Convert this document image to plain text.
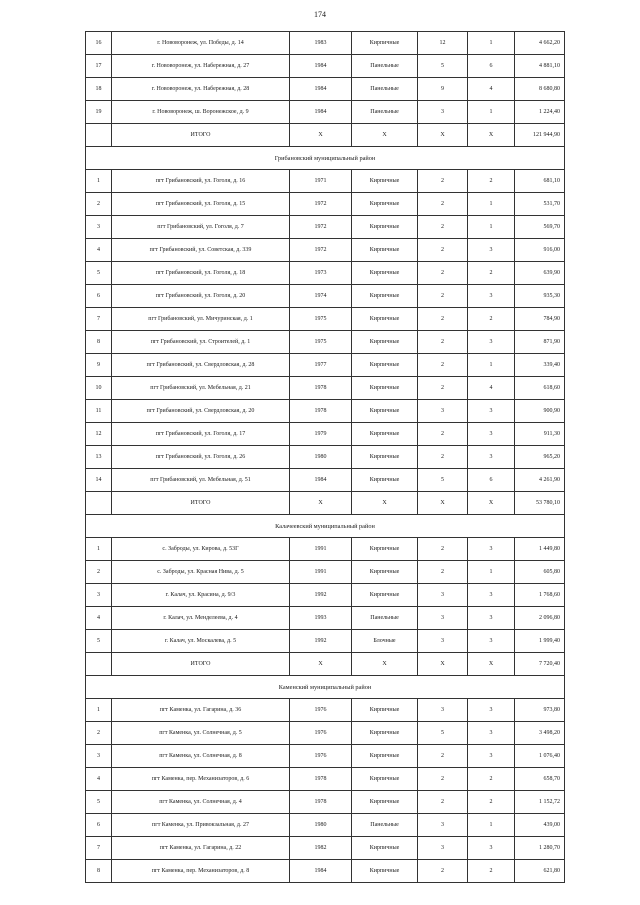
174
16	г. Нововоронеж, ул. Победы, д. 14	1983	Кирпичные	12	1	4 662,20
17	г. Нововоронеж, ул. Набережная, д. 27	1984	Панельные	5	6	4 881,10
18	г. Нововоронеж, ул. Набережная, д. 28	1984	Панельные	9	4	8 680,80
19	г. Нововоронеж, ш. Воронежское, д. 9	1984	Панельные	3	1	1 224,40
	ИТОГО	X	X	X	X	121 944,90
Грибановский муниципальный район						
1	пгт Грибановский, ул. Гоголя, д. 16	1971	Кирпичные	2	2	681,10
2	пгт Грибановский, ул. Гоголя, д. 15	1972	Кирпичные	2	1	531,70
3	пгт Грибановский, ул. Гоголя, д. 7	1972	Кирпичные	2	1	569,70
4	пгт Грибановский, ул. Советская, д. 339	1972	Кирпичные	2	3	916,00
5	пгт Грибановский, ул. Гоголя, д. 18	1973	Кирпичные	2	2	639,90
6	пгт Грибановский, ул. Гоголя, д. 20	1974	Кирпичные	2	3	935,30
7	пгт Грибановский, ул. Мичуринская, д. 1	1975	Кирпичные	2	2	784,90
8	пгт Грибановский, ул. Строителей, д. 1	1975	Кирпичные	2	3	871,90
9	пгт Грибановский, ул. Свердловская, д. 28	1977	Кирпичные	2	1	339,40
10	пгт Грибановский, ул. Мебельная, д. 21	1978	Кирпичные	2	4	618,60
11	пгт Грибановский, ул. Свердловская, д. 20	1978	Кирпичные	3	3	900,90
12	пгт Грибановский, ул. Гоголя, д. 17	1979	Кирпичные	2	3	911,30
13	пгт Грибановский, ул. Гоголя, д. 26	1980	Кирпичные	2	3	965,20
14	пгт Грибановский, ул. Мебельная, д. 51	1984	Кирпичные	5	6	4 261,90
	ИТОГО	X	X	X	X	53 780,10
Калачеевский муниципальный район						
1	с. Заброды, ул. Кирова, д. 53Г	1991	Кирпичные	2	3	1 449,80
2	с. Заброды, ул. Красная Нива, д. 5	1991	Кирпичные	2	1	605,80
3	г. Калач, ул. Красина, д. 9/3	1992	Кирпичные	3	3	1 768,60
4	г. Калач, ул. Менделеева, д. 4	1993	Панельные	3	3	2 096,80
5	г. Калач, ул. Москалева, д. 5	1992	Блочные	3	3	1 999,40
	ИТОГО	X	X	X	X	7 720,40
Каменский муниципальный район						
1	пгт Каменка, ул. Гагарина, д. 36	1976	Кирпичные	3	3	973,80
2	пгт Каменка, ул. Солнечная, д. 5	1976	Кирпичные	5	3	3 498,20
3	пгт Каменка, ул. Солнечная, д. 8	1976	Кирпичные	2	3	1 076,40
4	пгт Каменка, пер. Механизаторов, д. 6	1978	Кирпичные	2	2	658,70
5	пгт Каменка, ул. Солнечная, д. 4	1978	Кирпичные	2	2	1 152,72
6	пгт Каменка, ул. Привокзальная, д. 27	1980	Панельные	3	1	439,00
7	пгт Каменка, ул. Гагарина, д. 22	1982	Кирпичные	3	3	1 280,70
8	пгт Каменка, пер. Механизаторов, д. 8	1984	Кирпичные	2	2	621,80
